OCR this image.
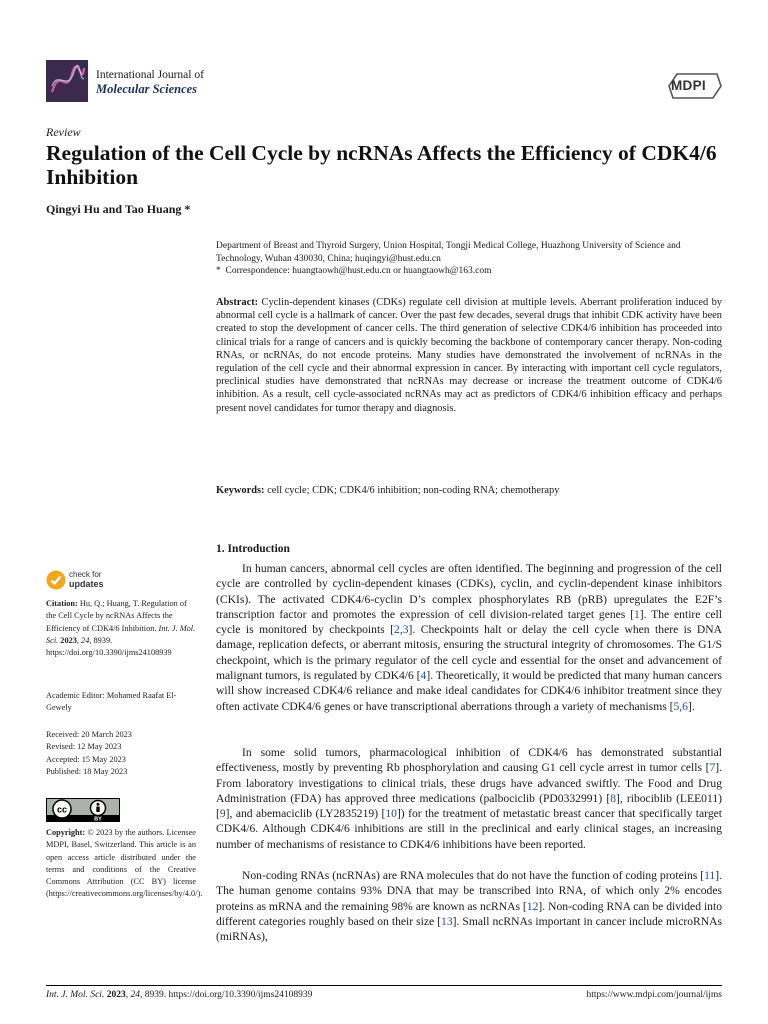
International Journal of
Molecular Sciences	MDPI
Review
Regulation of the Cell Cycle by ncRNAs Affects the Efficiency of CDK4/6 Inhibition
Qingyi Hu and Tao Huang *
Department of Breast and Thyroid Surgery, Union Hospital, Tongji Medical College, Huazhong University of Science and Technology, Wuhan 430030, China; huqingyi@hust.edu.cn
* Correspondence: huangtaowh@hust.edu.cn or huangtaowh@163.com
Abstract: Cyclin-dependent kinases (CDKs) regulate cell division at multiple levels. Aberrant proliferation induced by abnormal cell cycle is a hallmark of cancer. Over the past few decades, several drugs that inhibit CDK activity have been created to stop the development of cancer cells. The third generation of selective CDK4/6 inhibition has proceeded into clinical trials for a range of cancers and is quickly becoming the backbone of contemporary cancer therapy. Non-coding RNAs, or ncRNAs, do not encode proteins. Many studies have demonstrated the involvement of ncRNAs in the regulation of the cell cycle and their abnormal expression in cancer. By interacting with important cell cycle regulators, preclinical studies have demonstrated that ncRNAs may decrease or increase the treatment outcome of CDK4/6 inhibition. As a result, cell cycle-associated ncRNAs may act as predictors of CDK4/6 inhibition efficacy and perhaps present novel candidates for tumor therapy and diagnosis.
Keywords: cell cycle; CDK; CDK4/6 inhibition; non-coding RNA; chemotherapy
1. Introduction
In human cancers, abnormal cell cycles are often identified. The beginning and progression of the cell cycle are controlled by cyclin-dependent kinases (CDKs), cyclin, and cyclin-dependent kinase inhibitors (CKIs). The activated CDK4/6-cyclin D’s complex phosphorylates RB (pRB) upregulates the E2F’s transcription factor and promotes the expression of cell division-related target genes [1]. The entire cell cycle is monitored by checkpoints [2,3]. Checkpoints halt or delay the cell cycle when there is DNA damage, replication defects, or aberrant mitosis, ensuring the structural integrity of chromosomes. The G1/S checkpoint, which is the primary regulator of the cell cycle and essential for the onset and advancement of malignant tumors, is regulated by CDK4/6 [4]. Theoretically, it would be predicted that many human cancers will show increased CDK4/6 reliance and make ideal candidates for CDK4/6 inhibitor treatment since they often activate CDK4/6 genes or have transcriptional aberrations through a variety of mechanisms [5,6].
In some solid tumors, pharmacological inhibition of CDK4/6 has demonstrated substantial effectiveness, mostly by preventing Rb phosphorylation and causing G1 cell cycle arrest in tumor cells [7]. From laboratory investigations to clinical trials, these drugs have advanced swiftly. The Food and Drug Administration (FDA) has approved three medications (palbociclib (PD0332991) [8], ribociblib (LEE011) [9], and abemaciclib (LY2835219) [10]) for the treatment of metastatic breast cancer that specifically target CDK4/6. Although CDK4/6 inhibitions are still in the preclinical and early clinical stages, an increasing number of mechanisms of resistance to CDK4/6 inhibitions have been reported.
Non-coding RNAs (ncRNAs) are RNA molecules that do not have the function of coding proteins [11]. The human genome contains 93% DNA that may be transcribed into RNA, of which only 2% encodes proteins as mRNA and the remaining 98% are known as ncRNAs [12]. Non-coding RNA can be divided into different categories roughly based on their size [13]. Small ncRNAs important in cancer include microRNAs (miRNAs),
check for
updates
Citation: Hu, Q.; Huang, T. Regulation of the Cell Cycle by ncRNAs Affects the Efficiency of CDK4/6 Inhibition. Int. J. Mol. Sci. 2023, 24, 8939. https://doi.org/10.3390/ijms24108939
Academic Editor: Mohamed Raafat El-Gewely
Received: 20 March 2023
Revised: 12 May 2023
Accepted: 15 May 2023
Published: 18 May 2023
cc
BY
Copyright: © 2023 by the authors. Licensee MDPI, Basel, Switzerland. This article is an open access article distributed under the terms and conditions of the Creative Commons Attribution (CC BY) license (https://creativecommons.org/licenses/by/4.0/).
Int. J. Mol. Sci. 2023, 24, 8939. https://doi.org/10.3390/ijms24108939	https://www.mdpi.com/journal/ijms
